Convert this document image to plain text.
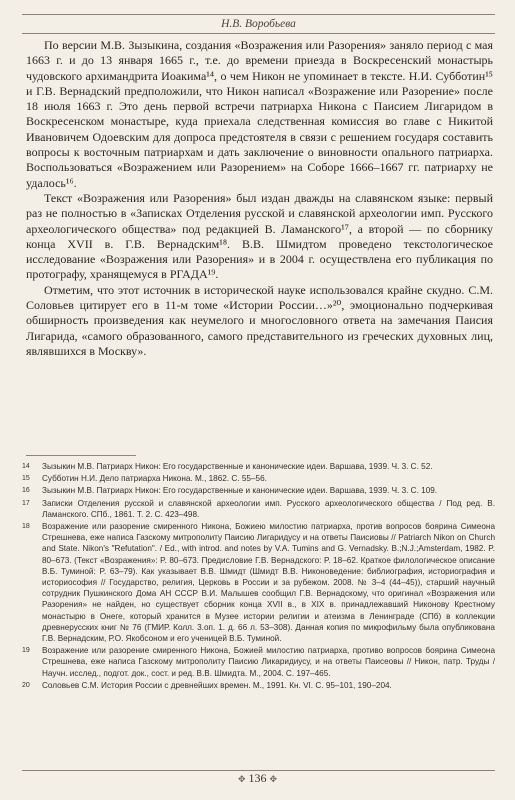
Н.В. Воробьева

По версии М.В. Зызыкина, создания «Возражения или Разорения» заняло период с мая 1663 г. и до 13 января 1665 г., т.е. до времени приезда в Воскресенский монастырь чудовского архимандрита Иоакима¹⁴, о чем Никон не упоминает в тексте. Н.И. Субботин¹⁵ и Г.В. Вернадский предположили, что Никон написал «Возражение или Разорение» после 18 июля 1663 г. Это день первой встречи патриарха Никона с Паисием Лигаридом в Воскресенском монастыре, куда приехала следственная комиссия во главе с Никитой Ивановичем Одоевским для допроса предстоятеля в связи с решением государя составить вопросы к восточным патриархам и дать заключение о виновности опального патриарха. Воспользоваться «Возражением или Разорением» на Соборе 1666–1667 гг. патриарху не удалось¹⁶.

Текст «Возражения или Разорения» был издан дважды на славянском языке: первый раз не полностью в «Записках Отделения русской и славянской археологии имп. Русского археологического общества» под редакцией В. Ламанского¹⁷, а второй — по сборнику конца XVII в. Г.В. Вернадским¹⁸. В.В. Шмидтом проведено текстологическое исследование «Возражения или Разорения» и в 2004 г. осуществлена его публикация по протографу, хранящемуся в РГАДА¹⁹.

Отметим, что этот источник в исторической науке использовался крайне скудно. С.М. Соловьев цитирует его в 11-м томе «Истории России…»²⁰, эмоционально подчеркивая обширность произведения как неумелого и многословного ответа на замечания Паисия Лигарида, «самого образованного, самого представительного из греческих духовных лиц, являвшихся в Москву».

14	Зызыкин М.В. Патриарх Никон: Его государственные и канонические идеи. Варшава, 1939. Ч. 3. С. 52.
15	Субботин Н.И. Дело патриарха Никона. М., 1862. С. 55–56.
16	Зызыкин М.В. Патриарх Никон: Его государственные и канонические идеи. Варшава, 1939. Ч. 3. С. 109.
17	Записки Отделения русской и славянской археологии имп. Русского археологического общества / Под ред. В. Ламанского. СПб., 1861. Т. 2. С. 423–498.
18	Возражение или разорение смиренного Никона, Божиею милостию патриарха, против вопросов боярина Симеона Стрешнева, еже написа Газскому митрополиту Паисию Лигаридусу и на ответы Паисиовы // Patriarch Nikon on Church and State. Nikon's "Refutation". / Ed., with introd. and notes by V.A. Tumins and G. Vernadsky. B.;N.J.;Amsterdam, 1982. P. 80–673. (Текст «Возражения»: P. 80–673. Предисловие Г.В. Вернадского: P. 18–62. Краткое филологическое описание В.Б. Туминой: P. 63–79). Как указывает В.В. Шмидт (Шмидт В.В. Никоноведение: библиография, историография и историософия // Государство, религия, Церковь в России и за рубежом. 2008. № 3–4 (44–45)), старший научный сотрудник Пушкинского Дома АН СССР В.И. Малышев сообщил Г.В. Вернадскому, что оригинал «Возражения или Разорения» не найден, но существует сборник конца XVII в., в XIX в. принадлежавший Никонову Крестному монастырю в Онеге, который хранится в Музее истории религии и атеизма в Ленинграде (СПб) в коллекции древнерусских книг № 76 (ГМИР. Колл. 3.оп. 1. д. 66 л. 53–308). Данная копия по микрофильму была опубликована Г.В. Вернадским, Р.О. Якобсоном и его ученицей В.Б. Туминой.
19	Возражение или разорение смиренного Никона, Божией милостию патриарха, противо вопросов боярина Симеона Стрешнева, еже написа Газскому митрополиту Паисию Ликаридиусу, и на ответы Паисеовы // Никон, патр. Труды / Научн. исслед., подгот. док., сост. и ред. В.В. Шмидта. М., 2004. С. 197–465.
20	Соловьев С.М. История России с древнейших времен. М., 1991. Кн. VI. С. 95–101, 190–204.
✥ 136 ✥
